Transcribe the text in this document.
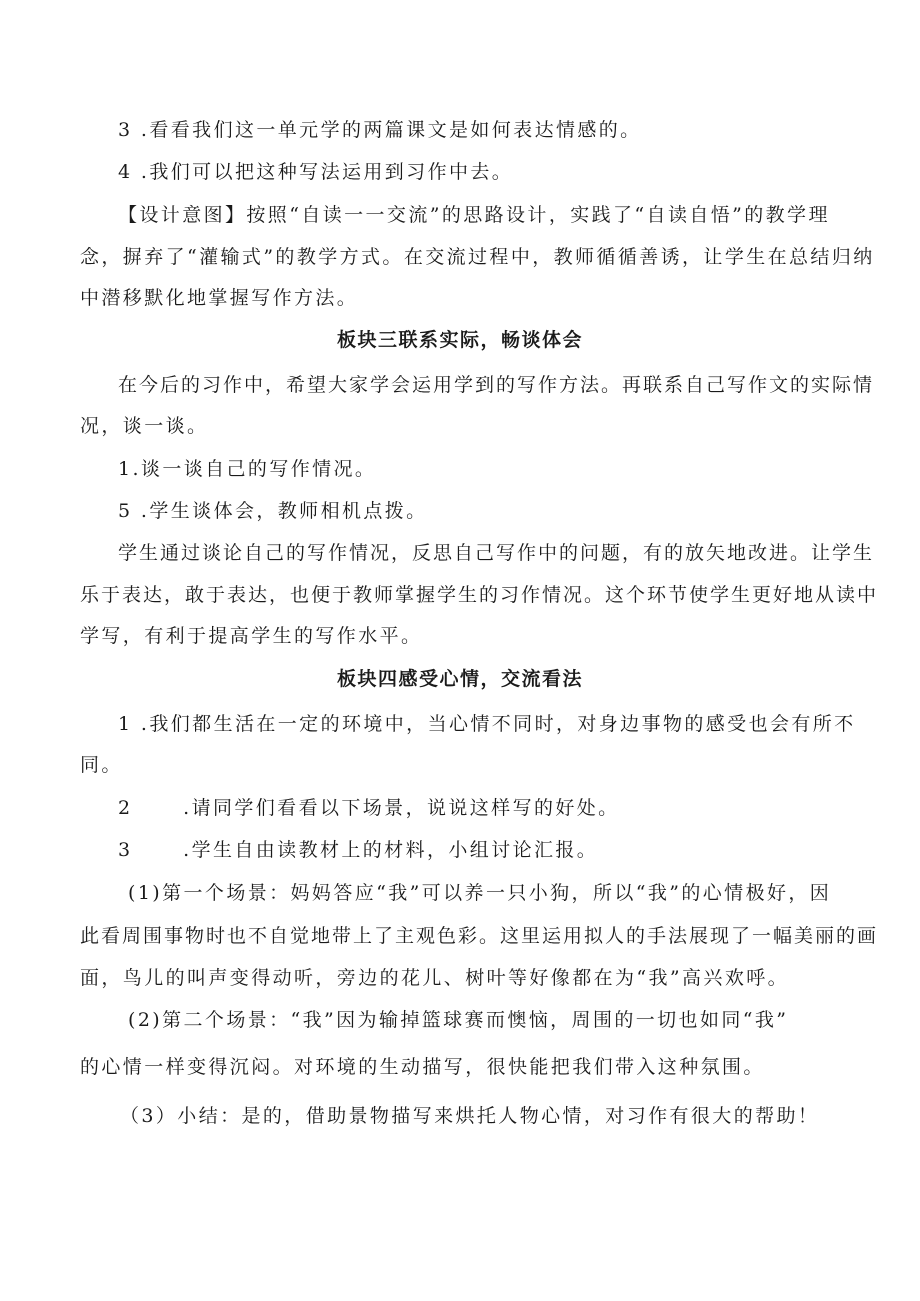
3 .看看我们这一单元学的两篇课文是如何表达情感的。
4 .我们可以把这种写法运用到习作中去。
【设计意图】按照“自读一一交流”的思路设计，实践了“自读自悟”的教学理
念，摒弃了“灌输式”的教学方式。在交流过程中，教师循循善诱，让学生在总结归纳
中潜移默化地掌握写作方法。
板块三联系实际，畅谈体会
在今后的习作中，希望大家学会运用学到的写作方法。再联系自己写作文的实际情
况，谈一谈。
1.谈一谈自己的写作情况。
5 .学生谈体会，教师相机点拨。
学生通过谈论自己的写作情况，反思自己写作中的问题，有的放矢地改进。让学生
乐于表达，敢于表达，也便于教师掌握学生的习作情况。这个环节使学生更好地从读中
学写，有利于提高学生的写作水平。
板块四感受心情，交流看法
1 .我们都生活在一定的环境中，当心情不同时，对身边事物的感受也会有所不
同。
2      .请同学们看看以下场景，说说这样写的好处。
3      .学生自由读教材上的材料，小组讨论汇报。
(1)第一个场景：妈妈答应“我”可以养一只小狗，所以“我”的心情极好，因
此看周围事物时也不自觉地带上了主观色彩。这里运用拟人的手法展现了一幅美丽的画
面，鸟儿的叫声变得动听，旁边的花儿、树叶等好像都在为“我”高兴欢呼。
(2)第二个场景：“我”因为输掉篮球赛而懊恼，周围的一切也如同“我”
的心情一样变得沉闷。对环境的生动描写，很快能把我们带入这种氛围。
（3）小结：是的，借助景物描写来烘托人物心情，对习作有很大的帮助！
